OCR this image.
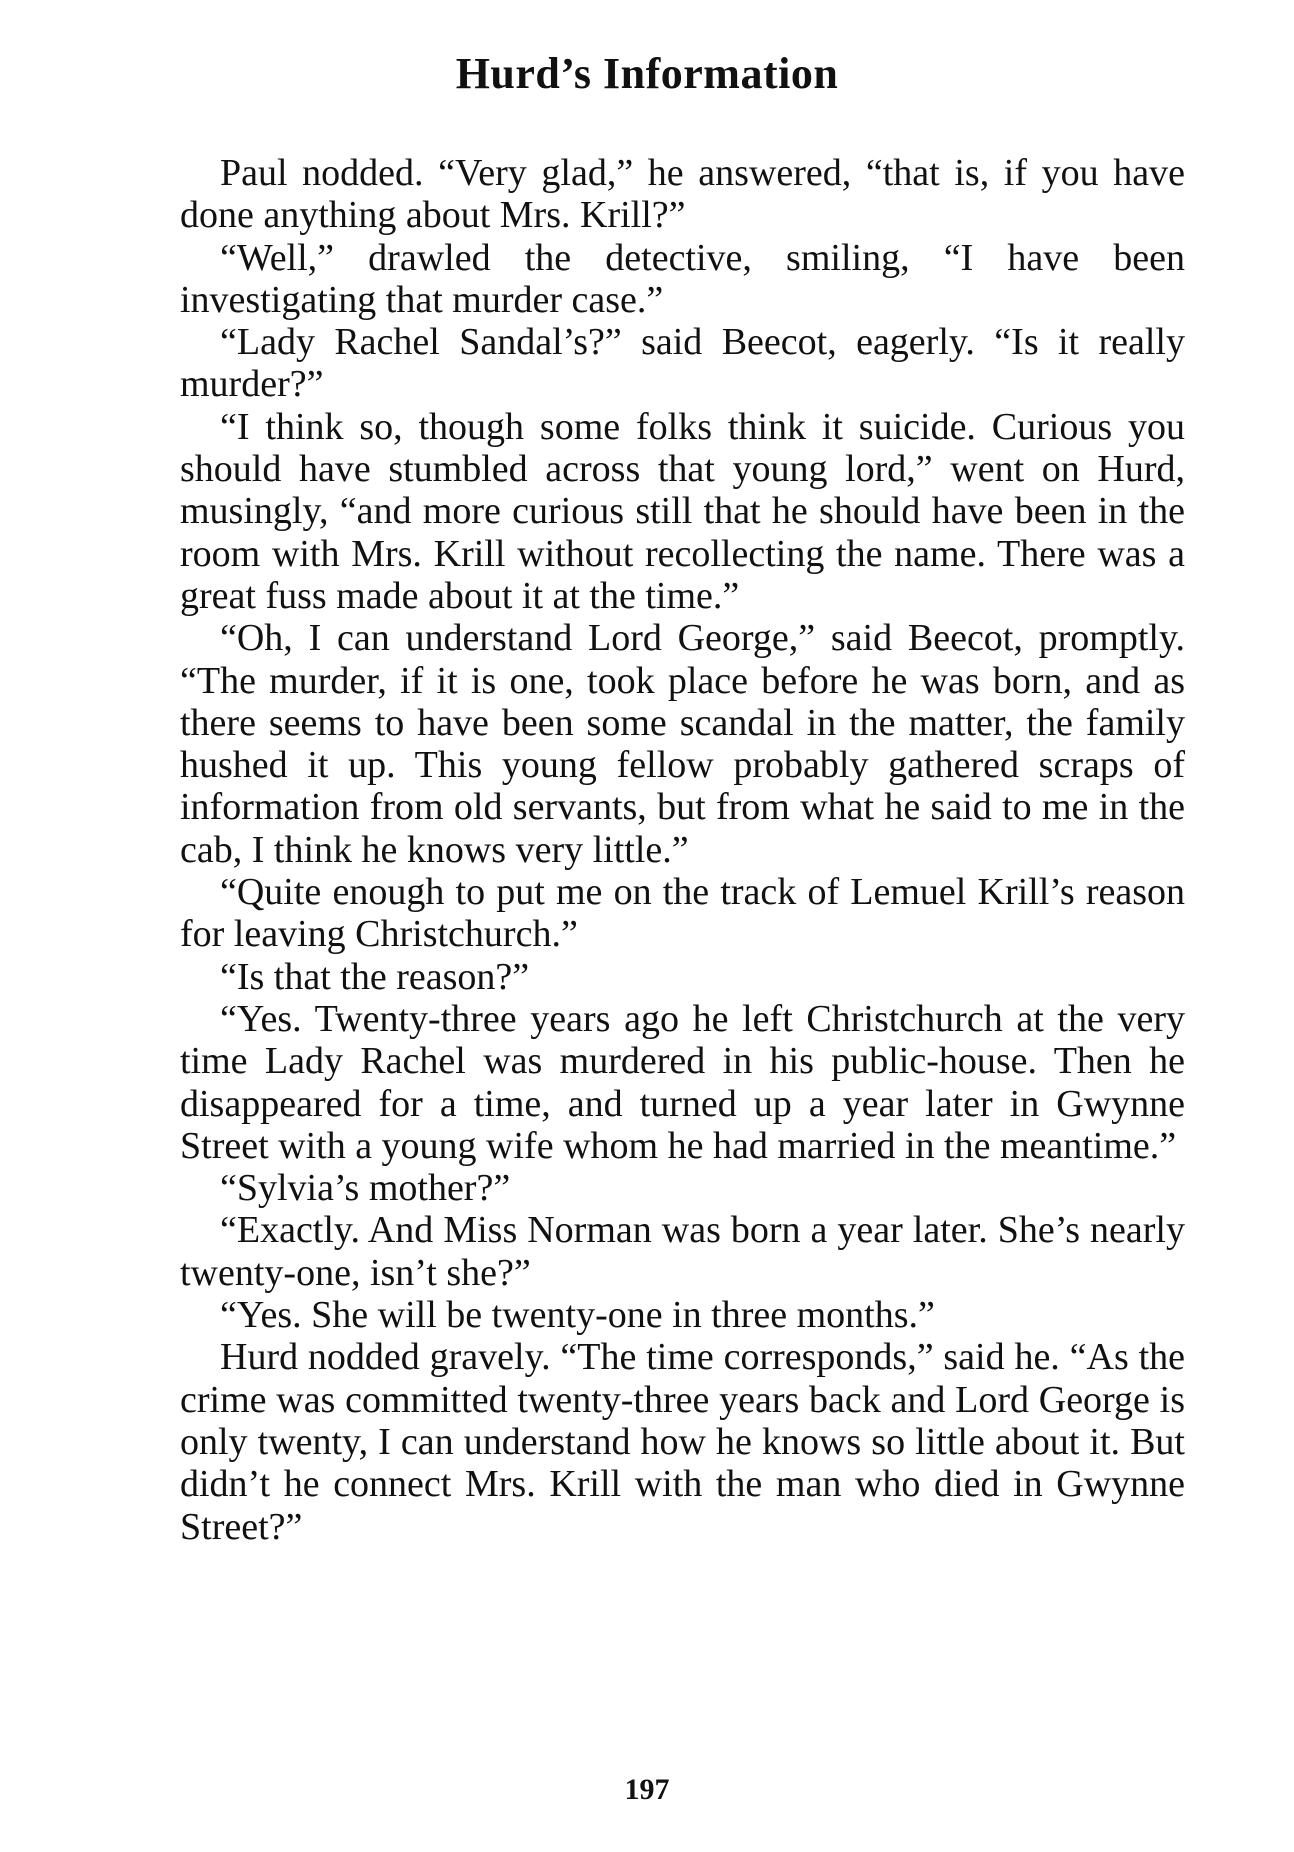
Hurd’s Information

Paul nodded. “Very glad,” he answered, “that is, if you have done anything about Mrs. Krill?”

“Well,” drawled the detective, smiling, “I have been investigating that murder case.”

“Lady Rachel Sandal’s?” said Beecot, eagerly. “Is it really murder?”

“I think so, though some folks think it suicide. Curious you should have stumbled across that young lord,” went on Hurd, musingly, “and more curious still that he should have been in the room with Mrs. Krill without recollecting the name. There was a great fuss made about it at the time.”

“Oh, I can understand Lord George,” said Beecot, promptly. “The murder, if it is one, took place before he was born, and as there seems to have been some scandal in the matter, the family hushed it up. This young fellow probably gathered scraps of information from old servants, but from what he said to me in the cab, I think he knows very little.”

“Quite enough to put me on the track of Lemuel Krill’s reason for leaving Christchurch.”

“Is that the reason?”

“Yes. Twenty-three years ago he left Christchurch at the very time Lady Rachel was murdered in his public-house. Then he disappeared for a time, and turned up a year later in Gwynne Street with a young wife whom he had married in the meantime.”

“Sylvia’s mother?”

“Exactly. And Miss Norman was born a year later. She’s nearly twenty-one, isn’t she?”

“Yes. She will be twenty-one in three months.”

Hurd nodded gravely. “The time corresponds,” said he. “As the crime was committed twenty-three years back and Lord George is only twenty, I can understand how he knows so little about it. But didn’t he connect Mrs. Krill with the man who died in Gwynne Street?”

197
